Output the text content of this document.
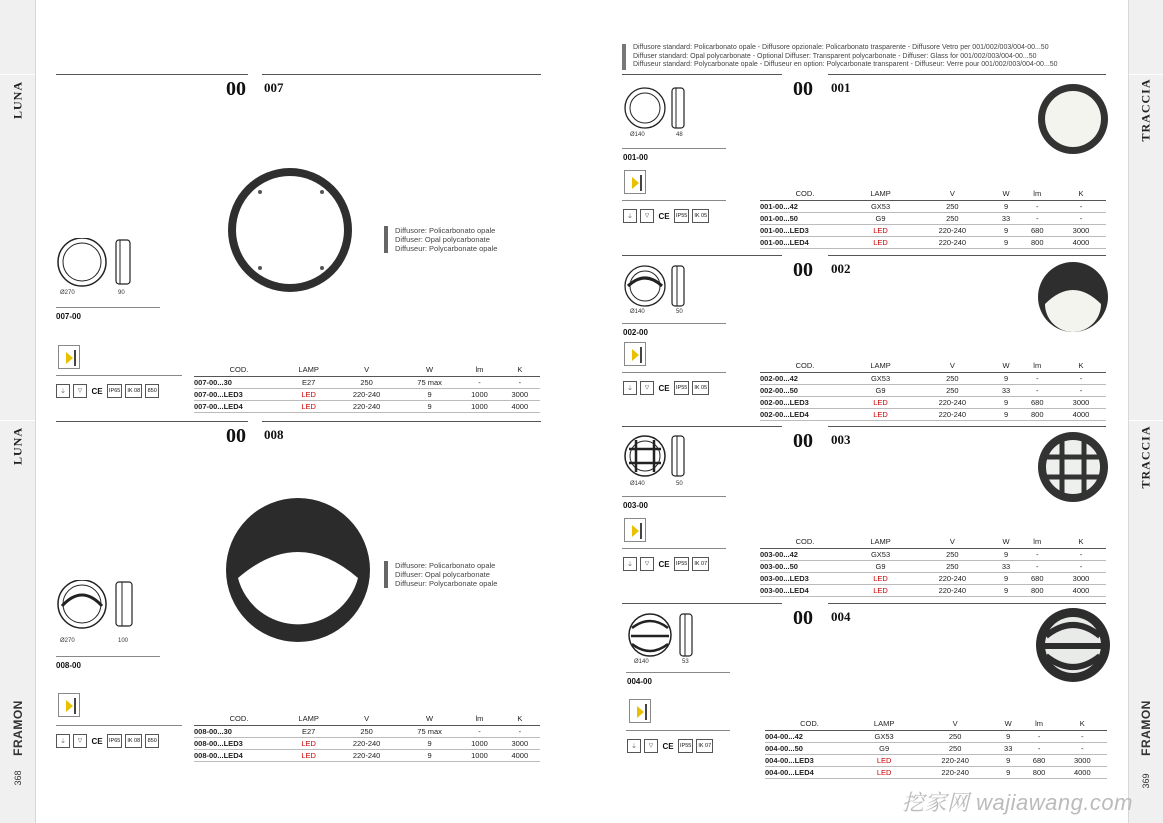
LUNA
LUNA
FRAMON
368
TRACCIA
TRACCIA
FRAMON
369
00 007
Diffusore: Policarbonato opale
Diffuser: Opal polycarbonate
Diffuseur: Polycarbonate opale
Ø270	90
007-00
⏚	▽	CE	IP65	IK 08	850
COD.	LAMP	V	W	lm	K
007-00...30	E27	250	75 max	-	-
007-00...LED3	LED	220-240	9	1000	3000
007-00...LED4	LED	220-240	9	1000	4000
00 008
Diffusore: Policarbonato opale
Diffuser: Opal polycarbonate
Diffuseur: Polycarbonate opale
Ø270	100
008-00
⏚	▽	CE	IP65	IK 08	850
COD.	LAMP	V	W	lm	K
008-00...30	E27	250	75 max	-	-
008-00...LED3	LED	220-240	9	1000	3000
008-00...LED4	LED	220-240	9	1000	4000
Diffusore standard: Policarbonato opale - Diffusore opzionale: Policarbonato trasparente - Diffusore Vetro per 001/002/003/004-00...50
Diffuser standard: Opal polycarbonate - Optional Diffuser: Transparent polycarbonate - Diffuser: Glass for 001/002/003/004-00...50
Diffuseur standard: Polycarbonate opale - Diffuseur en option: Polycarbonate transparent - Diffuseur: Verre pour 001/002/003/004-00...50
00 001
Ø140	48
001-00
⏚	▽	CE	IP55	IK 05
COD.	LAMP	V	W	lm	K
001-00...42	GX53	250	9	-	-
001-00...50	G9	250	33	-	-
001-00...LED3	LED	220-240	9	680	3000
001-00...LED4	LED	220-240	9	800	4000
00 002
Ø140	50
002-00
⏚	▽	CE	IP55	IK 05
COD.	LAMP	V	W	lm	K
002-00...42	GX53	250	9	-	-
002-00...50	G9	250	33	-	-
002-00...LED3	LED	220-240	9	680	3000
002-00...LED4	LED	220-240	9	800	4000
00 003
Ø140	50
003-00
⏚	▽	CE	IP55	IK 07
COD.	LAMP	V	W	lm	K
003-00...42	GX53	250	9	-	-
003-00...50	G9	250	33	-	-
003-00...LED3	LED	220-240	9	680	3000
003-00...LED4	LED	220-240	9	800	4000
00 004
Ø140	53
004-00
⏚	▽	CE	IP55	IK 07
COD.	LAMP	V	W	lm	K
004-00...42	GX53	250	9	-	-
004-00...50	G9	250	33	-	-
004-00...LED3	LED	220-240	9	680	3000
004-00...LED4	LED	220-240	9	800	4000
挖家网 wajiawang.com
